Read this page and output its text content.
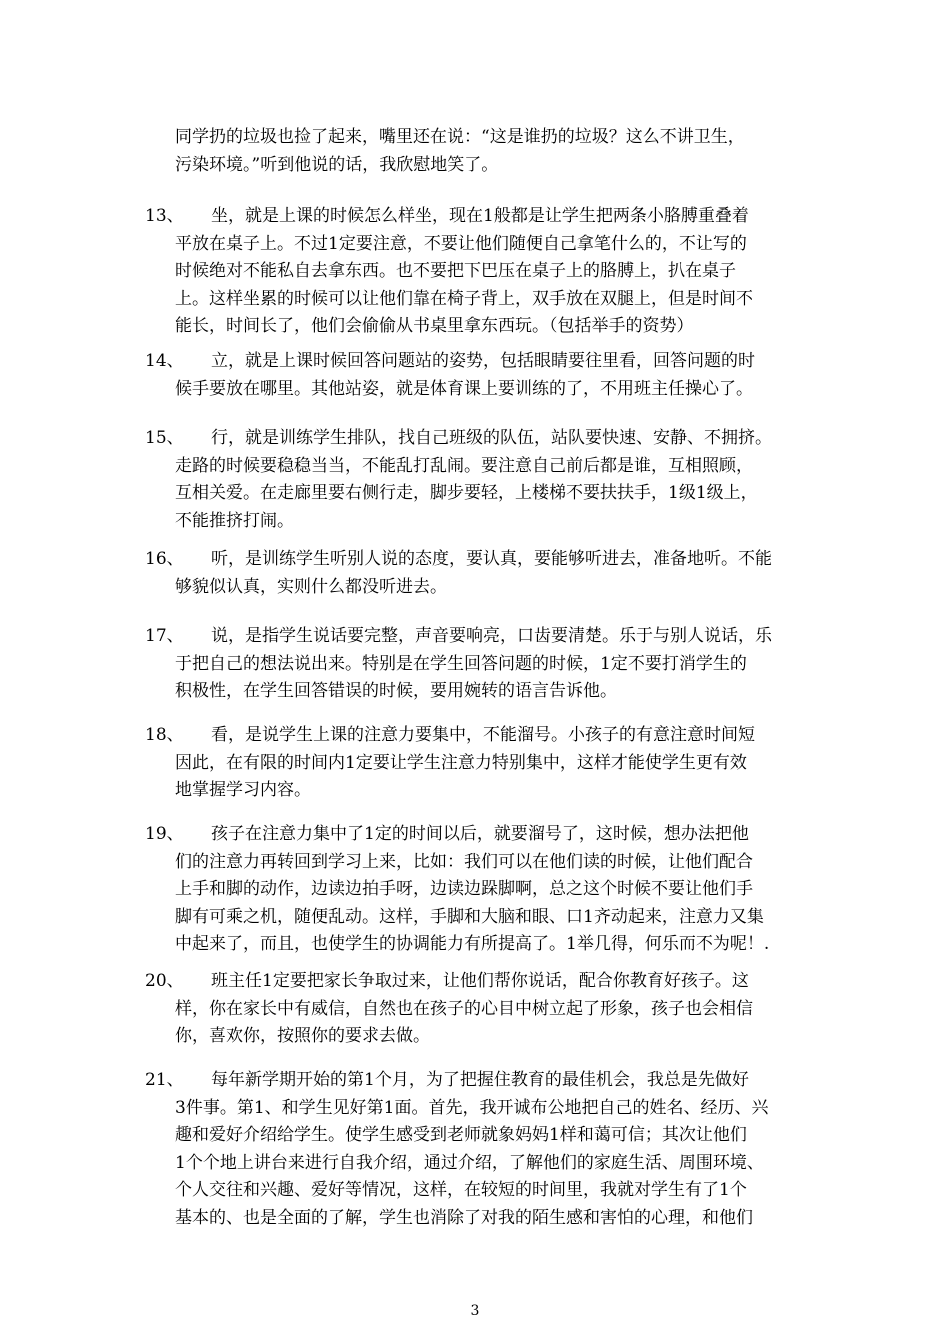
同学扔的垃圾也捡了起来，嘴里还在说：“这是谁扔的垃圾？这么不讲卫生，
污染环境。”听到他说的话，我欣慰地笑了。
13、	坐，就是上课的时候怎么样坐，现在1般都是让学生把两条小胳膊重叠着
平放在桌子上。不过1定要注意，不要让他们随便自己拿笔什么的，不让写的
时候绝对不能私自去拿东西。也不要把下巴压在桌子上的胳膊上，扒在桌子
上。这样坐累的时候可以让他们靠在椅子背上，双手放在双腿上，但是时间不
能长，时间长了，他们会偷偷从书桌里拿东西玩。（包括举手的资势）
14、	立，就是上课时候回答问题站的姿势，包括眼睛要往里看，回答问题的时
候手要放在哪里。其他站姿，就是体育课上要训练的了，不用班主任操心了。
15、	行，就是训练学生排队，找自己班级的队伍，站队要快速、安静、不拥挤。
走路的时候要稳稳当当，不能乱打乱闹。要注意自己前后都是谁，互相照顾，
互相关爱。在走廊里要右侧行走，脚步要轻，上楼梯不要扶扶手，1级1级上，
不能推挤打闹。
16、	听，是训练学生听别人说的态度，要认真，要能够听进去，准备地听。不能
够貌似认真，实则什么都没听进去。
17、	说，是指学生说话要完整，声音要响亮，口齿要清楚。乐于与别人说话，乐
于把自己的想法说出来。特别是在学生回答问题的时候，1定不要打消学生的
积极性，在学生回答错误的时候，要用婉转的语言告诉他。
18、	看，是说学生上课的注意力要集中，不能溜号。小孩子的有意注意时间短
因此，在有限的时间内1定要让学生注意力特别集中，这样才能使学生更有效
地掌握学习内容。
19、	孩子在注意力集中了1定的时间以后，就要溜号了，这时候，想办法把他
们的注意力再转回到学习上来，比如：我们可以在他们读的时候，让他们配合
上手和脚的动作，边读边拍手呀，边读边跺脚啊，总之这个时候不要让他们手
脚有可乘之机，随便乱动。这样，手脚和大脑和眼、口1齐动起来，注意力又集
中起来了，而且，也使学生的协调能力有所提高了。1举几得，何乐而不为呢！.
20、	班主任1定要把家长争取过来，让他们帮你说话，配合你教育好孩子。这
样，你在家长中有威信，自然也在孩子的心目中树立起了形象，孩子也会相信
你，喜欢你，按照你的要求去做。
21、	每年新学期开始的第1个月，为了把握住教育的最佳机会，我总是先做好
3件事。第1、和学生见好第1面。首先，我开诚布公地把自己的姓名、经历、兴
趣和爱好介绍给学生。使学生感受到老师就象妈妈1样和蔼可信；其次让他们
1个个地上讲台来进行自我介绍，通过介绍，了解他们的家庭生活、周围环境、
个人交往和兴趣、爱好等情况，这样，在较短的时间里，我就对学生有了1个
基本的、也是全面的了解，学生也消除了对我的陌生感和害怕的心理，和他们
3
